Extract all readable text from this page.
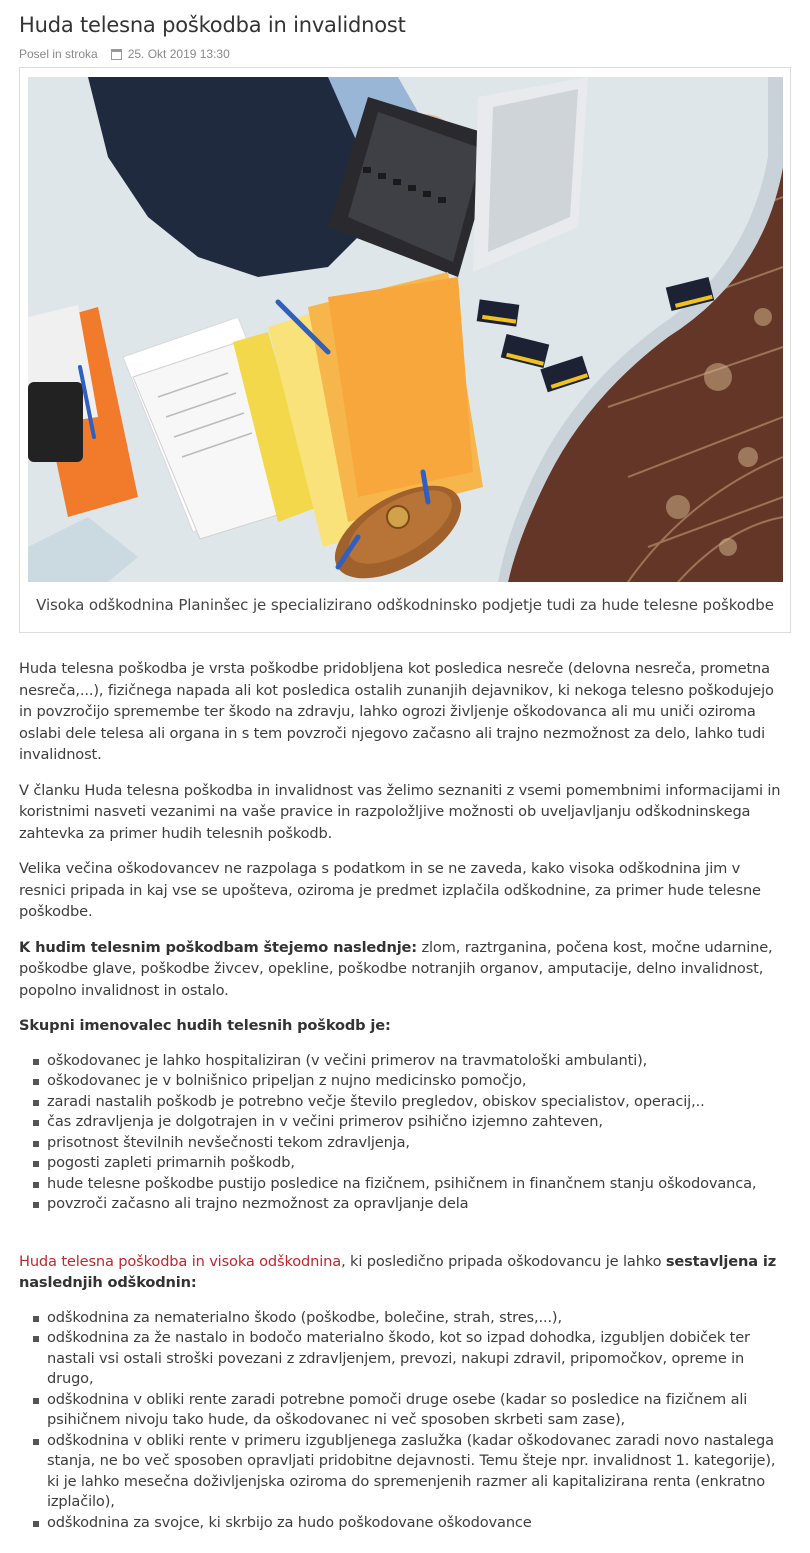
Huda telesna poškodba in invalidnost
Posel in stroka	25. Okt 2019 13:30
Visoka odškodnina Planinšec je specializirano odškodninsko podjetje tudi za hude telesne poškodbe

Huda telesna poškodba je vrsta poškodbe pridobljena kot posledica nesreče (delovna nesreča, prometna nesreča,...), fizičnega napada ali kot posledica ostalih zunanjih dejavnikov, ki nekoga telesno poškodujejo in povzročijo spremembe ter škodo na zdravju, lahko ogrozi življenje oškodovanca ali mu uniči oziroma oslabi dele telesa ali organa in s tem povzroči njegovo začasno ali trajno nezmožnost za delo, lahko tudi invalidnost.

V članku Huda telesna poškodba in invalidnost vas želimo seznaniti z vsemi pomembnimi informacijami in koristnimi nasveti vezanimi na vaše pravice in razpoložljive možnosti ob uveljavljanju odškodninskega zahtevka za primer hudih telesnih poškodb.

Velika večina oškodovancev ne razpolaga s podatkom in se ne zaveda, kako visoka odškodnina jim v resnici pripada in kaj vse se upošteva, oziroma je predmet izplačila odškodnine, za primer hude telesne poškodbe.

K hudim telesnim poškodbam štejemo naslednje: zlom, raztrganina, počena kost, močne udarnine, poškodbe glave, poškodbe živcev, opekline, poškodbe notranjih organov, amputacije, delno invalidnost, popolno invalidnost in ostalo.

Skupni imenovalec hudih telesnih poškodb je:

oškodovanec je lahko hospitaliziran (v večini primerov na travmatološki ambulanti),
oškodovanec je v bolnišnico pripeljan z nujno medicinsko pomočjo,
zaradi nastalih poškodb je potrebno večje število pregledov, obiskov specialistov, operacij,..
čas zdravljenja je dolgotrajen in v večini primerov psihično izjemno zahteven,
prisotnost številnih nevšečnosti tekom zdravljenja,
pogosti zapleti primarnih poškodb,
hude telesne poškodbe pustijo posledice na fizičnem, psihičnem in finančnem stanju oškodovanca,
povzroči začasno ali trajno nezmožnost za opravljanje dela

Huda telesna poškodba in visoka odškodnina, ki posledično pripada oškodovancu je lahko sestavljena iz naslednjih odškodnin:

odškodnina za nematerialno škodo (poškodbe, bolečine, strah, stres,...),
odškodnina za že nastalo in bodočo materialno škodo, kot so izpad dohodka, izgubljen dobiček ter nastali vsi ostali stroški povezani z zdravljenjem, prevozi, nakupi zdravil, pripomočkov, opreme in drugo,
odškodnina v obliki rente zaradi potrebne pomoči druge osebe (kadar so posledice na fizičnem ali psihičnem nivoju tako hude, da oškodovanec ni več sposoben skrbeti sam zase),
odškodnina v obliki rente v primeru izgubljenega zaslužka (kadar oškodovanec zaradi novo nastalega stanja, ne bo več sposoben opravljati pridobitne dejavnosti. Temu šteje npr. invalidnost 1. kategorije), ki je lahko mesečna doživljenjska oziroma do spremenjenih razmer ali kapitalizirana renta (enkratno izplačilo),
odškodnina za svojce, ki skrbijo za hudo poškodovane oškodovance
